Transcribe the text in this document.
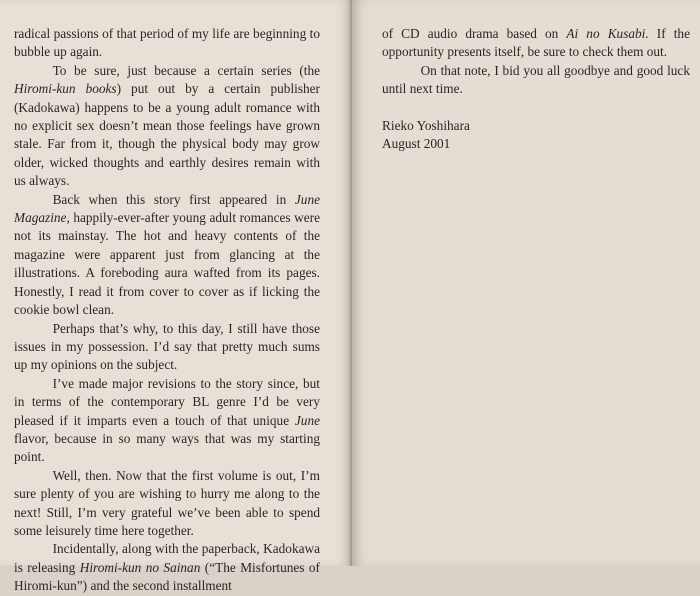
radical passions of that period of my life are beginning to bubble up again.

To be sure, just because a certain series (the Hiromi-kun books) put out by a certain publisher (Kadokawa) happens to be a young adult romance with no explicit sex doesn’t mean those feelings have grown stale. Far from it, though the physical body may grow older, wicked thoughts and earthly desires remain with us always.

Back when this story first appeared in June Magazine, happily-ever-after young adult romances were not its mainstay. The hot and heavy contents of the magazine were apparent just from glancing at the illustrations. A foreboding aura wafted from its pages. Honestly, I read it from cover to cover as if licking the cookie bowl clean.

Perhaps that’s why, to this day, I still have those issues in my possession. I’d say that pretty much sums up my opinions on the subject.

I’ve made major revisions to the story since, but in terms of the contemporary BL genre I’d be very pleased if it imparts even a touch of that unique June flavor, because in so many ways that was my starting point.

Well, then. Now that the first volume is out, I’m sure plenty of you are wishing to hurry me along to the next! Still, I’m very grateful we’ve been able to spend some leisurely time here together.

Incidentally, along with the paperback, Kadokawa is releasing Hiromi-kun no Sainan (“The Misfortunes of Hiromi-kun”) and the second installment

of CD audio drama based on Ai no Kusabi. If the opportunity presents itself, be sure to check them out.

On that note, I bid you all goodbye and good luck until next time.

Rieko Yoshihara

August 2001
